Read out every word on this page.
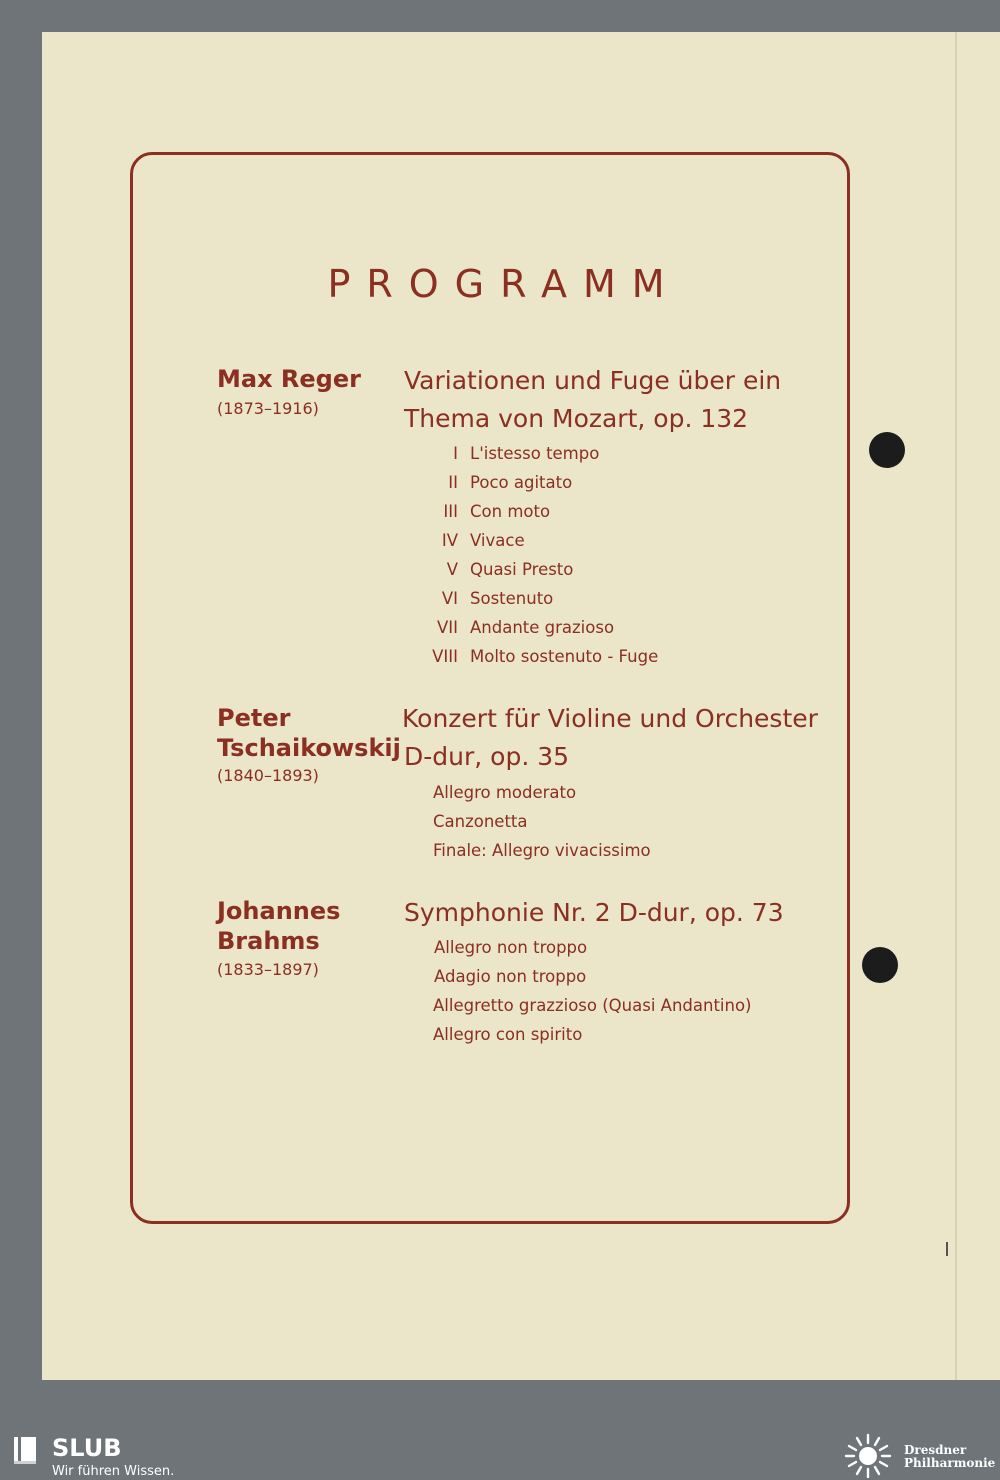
PROGRAMM
Max Reger
(1873–1916)
Variationen und Fuge über ein
Thema von Mozart, op. 132
I L'istesso tempo
II Poco agitato
III Con moto
IV Vivace
V Quasi Presto
VI Sostenuto
VII Andante grazioso
VIII Molto sostenuto - Fuge
Peter
Tschaikowskij
(1840–1893)
Konzert für Violine und Orchester
D-dur, op. 35
Allegro moderato
Canzonetta
Finale: Allegro vivacissimo
Johannes
Brahms
(1833–1897)
Symphonie Nr. 2 D-dur, op. 73
Allegro non troppo
Adagio non troppo
Allegretto grazzioso (Quasi Andantino)
Allegro con spirito
SLUB
Wir führen Wissen.
Dresdner
Philharmonie
